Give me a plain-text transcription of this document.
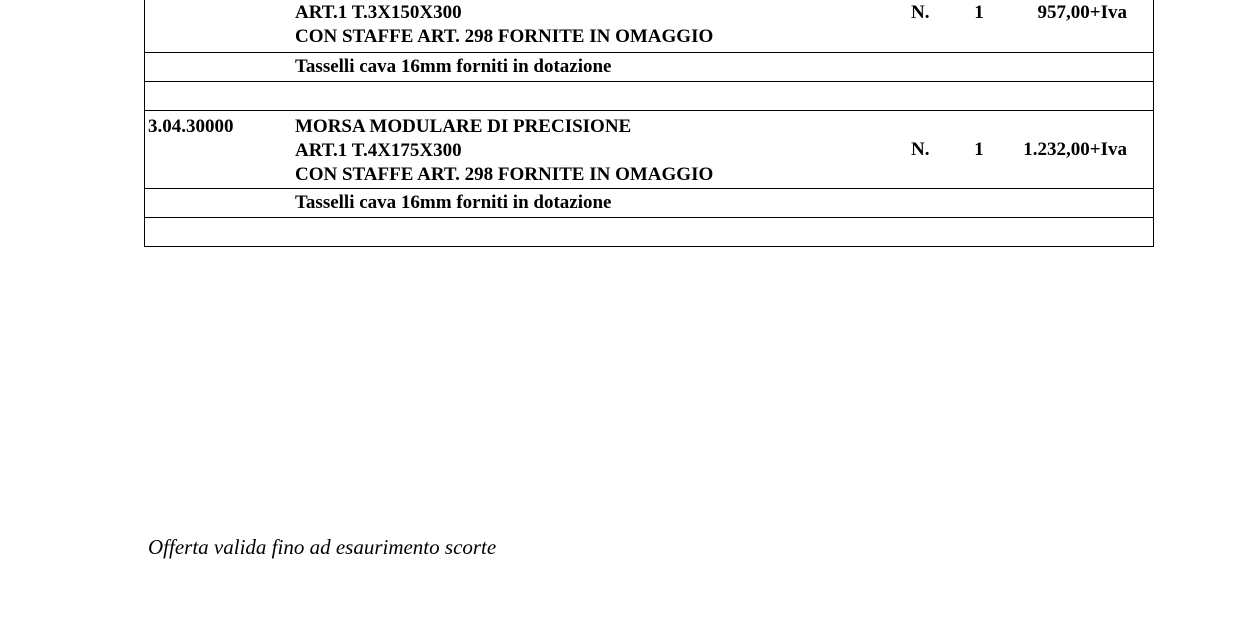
ART.1 T.3X150X300
CON STAFFE ART. 298 FORNITE IN OMAGGIO
N.	1	957,00+Iva
Tasselli cava 16mm forniti in dotazione
3.04.30000	MORSA MODULARE DI PRECISIONE
ART.1 T.4X175X300
CON STAFFE ART. 298 FORNITE IN OMAGGIO
N.	1	1.232,00+Iva
Tasselli cava 16mm forniti in dotazione
Offerta valida fino ad esaurimento scorte
